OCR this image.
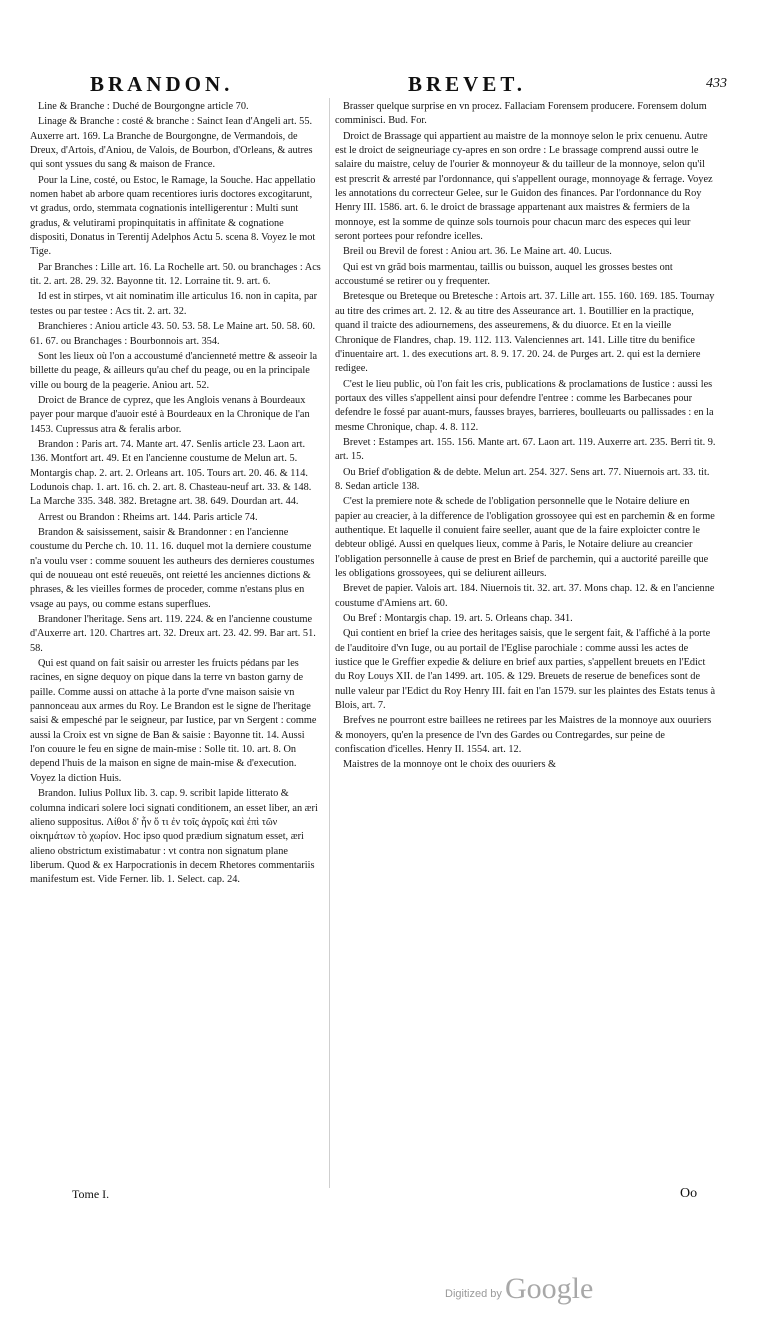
BRANDON.	BREVET.	433

Line & Branche : Duché de Bourgongne article 70.

Linage & Branche : costé & branche : Sainct Iean d'Angeli art. 55. Auxerre art. 169. La Branche de Bourgongne, de Vermandois, de Dreux, d'Artois, d'Aniou, de Valois, de Bourbon, d'Orleans, & autres qui sont yssues du sang & maison de France.

Pour la Line, costé, ou Estoc, le Ramage, la Souche. Hac appellatio nomen habet ab arbore quam recentiores iuris doctores excogitarunt, vt gradus, ordo, stemmata cognationis intelligerentur : Multi sunt gradus, & velutirami propinquitatis in affinitate & cognatione dispositi, Donatus in Terentij Adelphos Actu 5. scena 8. Voyez le mot Tige.

Par Branches : Lille art. 16. La Rochelle art. 50. ou branchages : Acs tit. 2. art. 28. 29. 32. Bayonne tit. 12. Lorraine tit. 9. art. 6.

Id est in stirpes, vt ait nominatim ille articulus 16. non in capita, par testes ou par testee : Acs tit. 2. art. 32.

Branchieres : Aniou article 43. 50. 53. 58. Le Maine art. 50. 58. 60. 61. 67. ou Branchages : Bourbonnois art. 354.

Sont les lieux où l'on a accoustumé d'ancienneté mettre & asseoir la billette du peage, & ailleurs qu'au chef du peage, ou en la principale ville ou bourg de la peagerie. Aniou art. 52.

Droict de Brance de cyprez, que les Anglois venans à Bourdeaux payer pour marque d'auoir esté à Bourdeaux en la Chronique de l'an 1453. Cupressus atra & feralis arbor.

Brandon : Paris art. 74. Mante art. 47. Senlis article 23. Laon art. 136. Montfort art. 49. Et en l'ancienne coustume de Melun art. 5. Montargis chap. 2. art. 2. Orleans art. 105. Tours art. 20. 46. & 114. Lodunois chap. 1. art. 16. ch. 2. art. 8. Chasteau-neuf art. 33. & 148. La Marche 335. 348. 382. Bretagne art. 38. 649. Dourdan art. 44.

Arrest ou Brandon : Rheims art. 144. Paris article 74.

Brandon & saisissement, saisir & Brandonner : en l'ancienne coustume du Perche ch. 10. 11. 16. duquel mot la derniere coustume n'a voulu vser : comme souuent les autheurs des dernieres coustumes qui de nouueau ont esté reueuës, ont reietté les anciennes dictions & phrases, & les vieilles formes de proceder, comme n'estans plus en vsage au pays, ou comme estans superflues.

Brandoner l'heritage. Sens art. 119. 224. & en l'ancienne coustume d'Auxerre art. 120. Chartres art. 32. Dreux art. 23. 42. 99. Bar art. 51. 58.

Qui est quand on fait saisir ou arrester les fruicts pédans par les racines, en signe dequoy on pique dans la terre vn baston garny de paille. Comme aussi on attache à la porte d'vne maison saisie vn pannonceau aux armes du Roy. Le Brandon est le signe de l'heritage saisi & empesché par le seigneur, par Iustice, par vn Sergent : comme aussi la Croix est vn signe de Ban & saisie : Bayonne tit. 14. Aussi l'on couure le feu en signe de main-mise : Solle tit. 10. art. 8. On depend l'huis de la maison en signe de main-mise & d'execution. Voyez la diction Huis.

Brandon. Iulius Pollux lib. 3. cap. 9. scribit lapide litterato & columna indicari solere loci signati conditionem, an esset liber, an æri alieno suppositus. Λίθοι δ' ἦν ὅ τι ἐν τοῖς ἀγροῖς καὶ ἐπὶ τῶν οἰκημάτων τὸ χωρίον. Hoc ipso quod prædium signatum esset, æri alieno obstrictum existimabatur : vt contra non signatum plane liberum. Quod & ex Harpocrationis in decem Rhetores commentariis manifestum est. Vide Ferner. lib. 1. Select. cap. 24.

Brasser quelque surprise en vn procez. Fallaciam Forensem producere. Forensem dolum comminisci. Bud. For.

Droict de Brassage qui appartient au maistre de la monnoye selon le prix cenuenu. Autre est le droict de seigneuriage cy-apres en son ordre : Le brassage comprend aussi outre le salaire du maistre, celuy de l'ourier & monnoyeur & du tailleur de la monnoye, selon qu'il est prescrit & arresté par l'ordonnance, qui s'appellent ourage, monnoyage & ferrage. Voyez les annotations du correcteur Gelee, sur le Guidon des finances. Par l'ordonnance du Roy Henry III. 1586. art. 6. le droict de brassage appartenant aux maistres & fermiers de la monnoye, est la somme de quinze sols tournois pour chacun marc des especes qui leur seront portees pour refondre icelles.

Breil ou Brevil de forest : Aniou art. 36. Le Maine art. 40. Lucus.

Qui est vn grãd bois marmentau, taillis ou buisson, auquel les grosses bestes ont accoustumé se retirer ou y frequenter.

Bretesque ou Breteque ou Bretesche : Artois art. 37. Lille art. 155. 160. 169. 185. Tournay au titre des crimes art. 2. 12. & au titre des Asseurance art. 1. Boutillier en la practique, quand il traicte des adiournemens, des asseuremens, & du diuorce. Et en la vieille Chronique de Flandres, chap. 19. 112. 113. Valenciennes art. 141. Lille titre du benifice d'inuentaire art. 1. des executions art. 8. 9. 17. 20. 24. de Purges art. 2. qui est la derniere redigee.

C'est le lieu public, où l'on fait les cris, publications & proclamations de Iustice : aussi les portaux des villes s'appellent ainsi pour defendre l'entree : comme les Barbecanes pour defendre le fossé par auant-murs, fausses brayes, barrieres, boulleuarts ou pallissades : en la mesme Chronique, chap. 4. 8. 112.

Brevet : Estampes art. 155. 156. Mante art. 67. Laon art. 119. Auxerre art. 235. Berri tit. 9. art. 15.

Ou Brief d'obligation & de debte. Melun art. 254. 327. Sens art. 77. Niuernois art. 33. tit. 8. Sedan article 138.

C'est la premiere note & schede de l'obligation personnelle que le Notaire deliure en papier au creacier, à la difference de l'obligation grossoyee qui est en parchemin & en forme authentique. Et laquelle il conuient faire seeller, auant que de la faire exploicter contre le debteur obligé. Aussi en quelques lieux, comme à Paris, le Notaire deliure au creancier l'obligation personnelle à cause de prest en Brief de parchemin, qui a auctorité pareille que les obligations grossoyees, qui se deliurent ailleurs.

Brevet de papier. Valois art. 184. Niuernois tit. 32. art. 37. Mons chap. 12. & en l'ancienne coustume d'Amiens art. 60.

Ou Bref : Montargis chap. 19. art. 5. Orleans chap. 341.

Qui contient en brief la criee des heritages saisis, que le sergent fait, & l'affiché à la porte de l'auditoire d'vn Iuge, ou au portail de l'Eglise parochiale : comme aussi les actes de iustice que le Greffier expedie & deliure en brief aux parties, s'appellent breuets en l'Edict du Roy Louys XII. de l'an 1499. art. 105. & 129. Breuets de reserue de benefices sont de nulle valeur par l'Edict du Roy Henry III. fait en l'an 1579. sur les plaintes des Estats tenus à Blois, art. 7.

Brefves ne pourront estre baillees ne retirees par les Maistres de la monnoye aux ouuriers & monoyers, qu'en la presence de l'vn des Gardes ou Contregardes, sur peine de confiscation d'icelles. Henry II. 1554. art. 12.

Maistres de la monnoye ont le choix des ouuriers &

Tome I.	Oo
Digitized by Google
